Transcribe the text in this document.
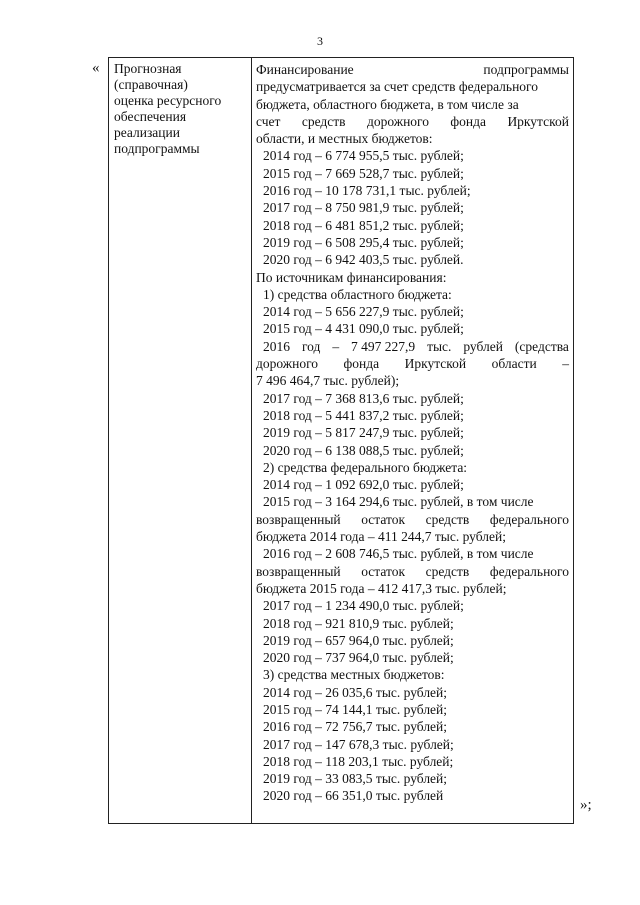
3
«
»;
Прогнозная
(справочная)
оценка ресурсного
обеспечения
реализации
подпрограммы
Финансирование	подпрограммы
предусматривается за счет средств федерального
бюджета, областного бюджета, в том числе за
счет средств дорожного фонда Иркутской
области, и местных бюджетов:
2014 год – 6 774 955,5 тыс. рублей;
2015 год – 7 669 528,7 тыс. рублей;
2016 год – 10 178 731,1 тыс. рублей;
2017 год – 8 750 981,9 тыс. рублей;
2018 год – 6 481 851,2 тыс. рублей;
2019 год – 6 508 295,4 тыс. рублей;
2020 год – 6 942 403,5 тыс. рублей.
По источникам финансирования:
1) средства областного бюджета:
2014 год – 5 656 227,9 тыс. рублей;
2015 год – 4 431 090,0 тыс. рублей;
2016 год – 7 497 227,9 тыс. рублей (средства
дорожного фонда Иркутской области –
7 496 464,7 тыс. рублей);
2017 год – 7 368 813,6 тыс. рублей;
2018 год – 5 441 837,2 тыс. рублей;
2019 год – 5 817 247,9 тыс. рублей;
2020 год – 6 138 088,5 тыс. рублей;
2) средства федерального бюджета:
2014 год – 1 092 692,0 тыс. рублей;
2015 год – 3 164 294,6 тыс. рублей, в том числе
возвращенный остаток средств федерального
бюджета 2014 года – 411 244,7 тыс. рублей;
2016 год – 2 608 746,5 тыс. рублей, в том числе
возвращенный остаток средств федерального
бюджета 2015 года – 412 417,3 тыс. рублей;
2017 год – 1 234 490,0 тыс. рублей;
2018 год – 921 810,9 тыс. рублей;
2019 год – 657 964,0 тыс. рублей;
2020 год – 737 964,0 тыс. рублей;
3) средства местных бюджетов:
2014 год – 26 035,6 тыс. рублей;
2015 год – 74 144,1 тыс. рублей;
2016 год – 72 756,7 тыс. рублей;
2017 год – 147 678,3 тыс. рублей;
2018 год – 118 203,1 тыс. рублей;
2019 год – 33 083,5 тыс. рублей;
2020 год – 66 351,0 тыс. рублей
